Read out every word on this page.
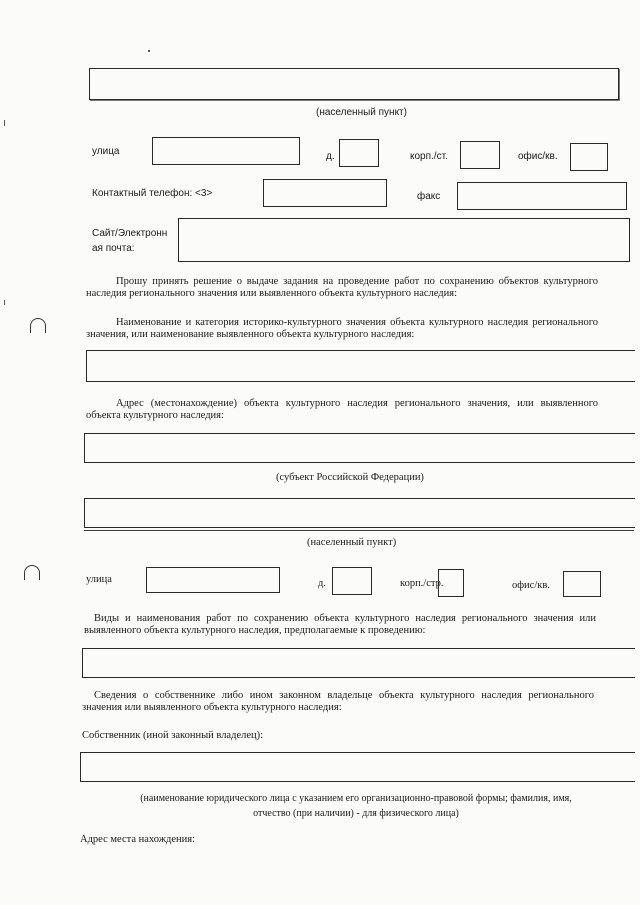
(населенный пункт)
улица	д.	корп./ст.	офис/кв.
Контактный телефон: <3>	факс
Сайт/Электронн
ая почта:
Прошу принять решение о выдаче задания на проведение работ по сохранению объектов культурного наследия регионального значения или выявленного объекта культурного наследия:
Наименование и категория историко-культурного значения объекта культурного наследия регионального значения, или наименование выявленного объекта культурного наследия:
Адрес (местонахождение) объекта культурного наследия регионального значения, или выявленного объекта культурного наследия:
(субъект Российской Федерации)
(населенный пункт)
улица	д.	корп./стр.	офис/кв.
Виды и наименования работ по сохранению объекта культурного наследия регионального значения или выявленного объекта культурного наследия, предполагаемые к проведению:
Сведения о собственнике либо ином законном владельце объекта культурного наследия регионального значения или выявленного объекта культурного наследия:
Собственник (иной законный владелец):
(наименование юридического лица с указанием его организационно-правовой формы; фамилия, имя,
отчество (при наличии) - для физического лица)
Адрес места нахождения:
